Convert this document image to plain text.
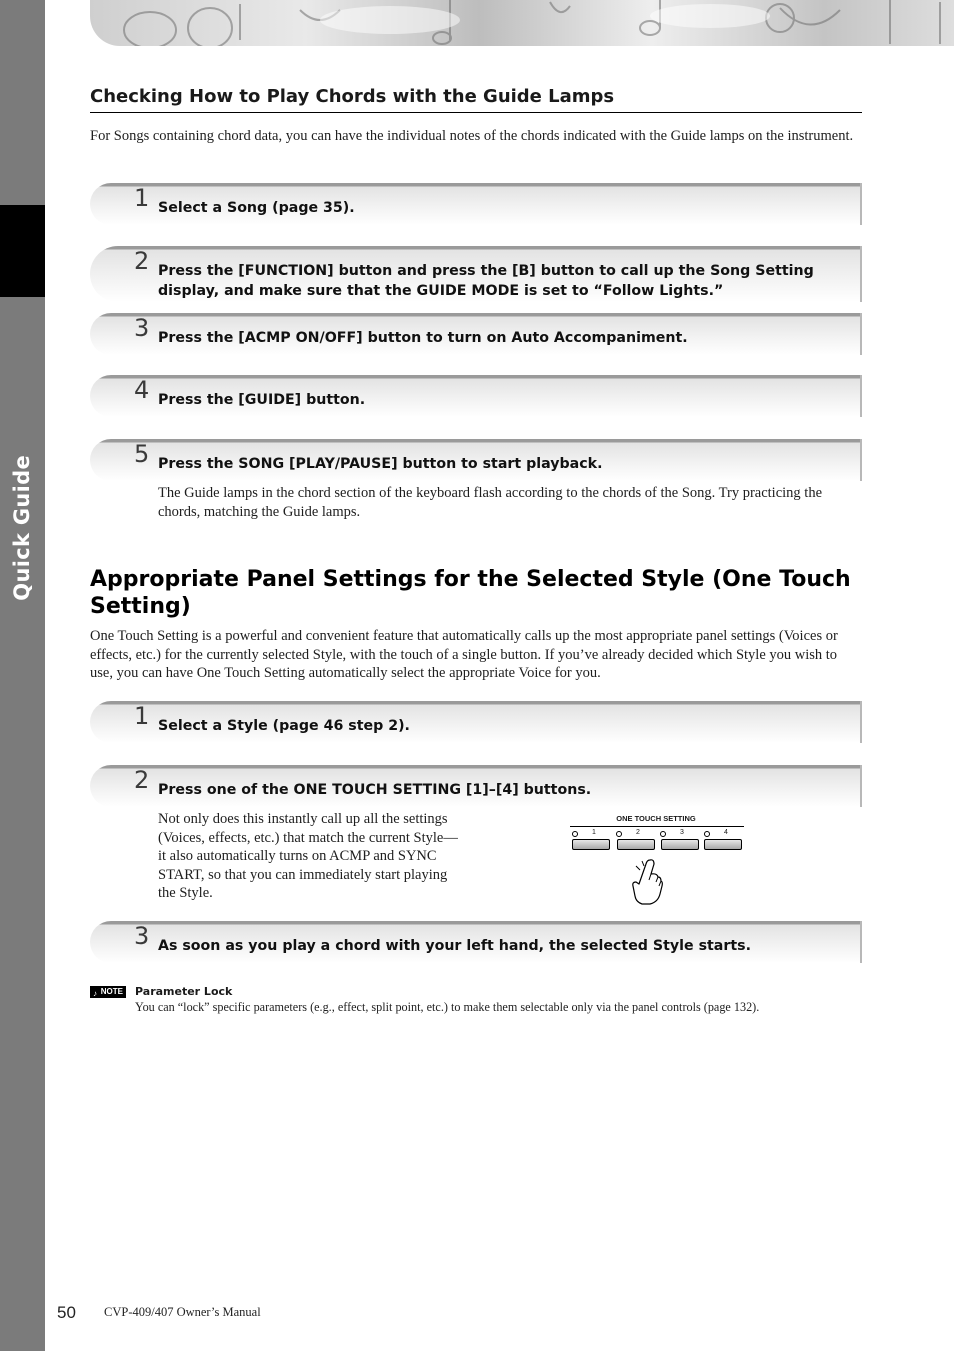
Quick Guide
Checking How to Play Chords with the Guide Lamps
For Songs containing chord data, you can have the individual notes of the chords indicated with the Guide lamps on the instrument.
1 Select a Song (page 35).
2 Press the [FUNCTION] button and press the [B] button to call up the Song Setting display, and make sure that the GUIDE MODE is set to “Follow Lights.”
3 Press the [ACMP ON/OFF] button to turn on Auto Accompaniment.
4 Press the [GUIDE] button.
5 Press the SONG [PLAY/PAUSE] button to start playback.
The Guide lamps in the chord section of the keyboard flash according to the chords of the Song. Try practicing the chords, matching the Guide lamps.
Appropriate Panel Settings for the Selected Style (One Touch Setting)
One Touch Setting is a powerful and convenient feature that automatically calls up the most appropriate panel settings (Voices or effects, etc.) for the currently selected Style, with the touch of a single button. If you’ve already decided which Style you wish to use, you can have One Touch Setting automatically select the appropriate Voice for you.
1 Select a Style (page 46 step 2).
2 Press one of the ONE TOUCH SETTING [1]–[4] buttons.
Not only does this instantly call up all the settings (Voices, effects, etc.) that match the current Style—it also automatically turns on ACMP and SYNC START, so that you can immediately start playing the Style.
ONE TOUCH SETTING
1	2	3	4
3 As soon as you play a chord with your left hand, the selected Style starts.
♪ NOTE Parameter Lock
You can “lock” specific parameters (e.g., effect, split point, etc.) to make them selectable only via the panel controls (page 132).
50 CVP-409/407 Owner’s Manual
